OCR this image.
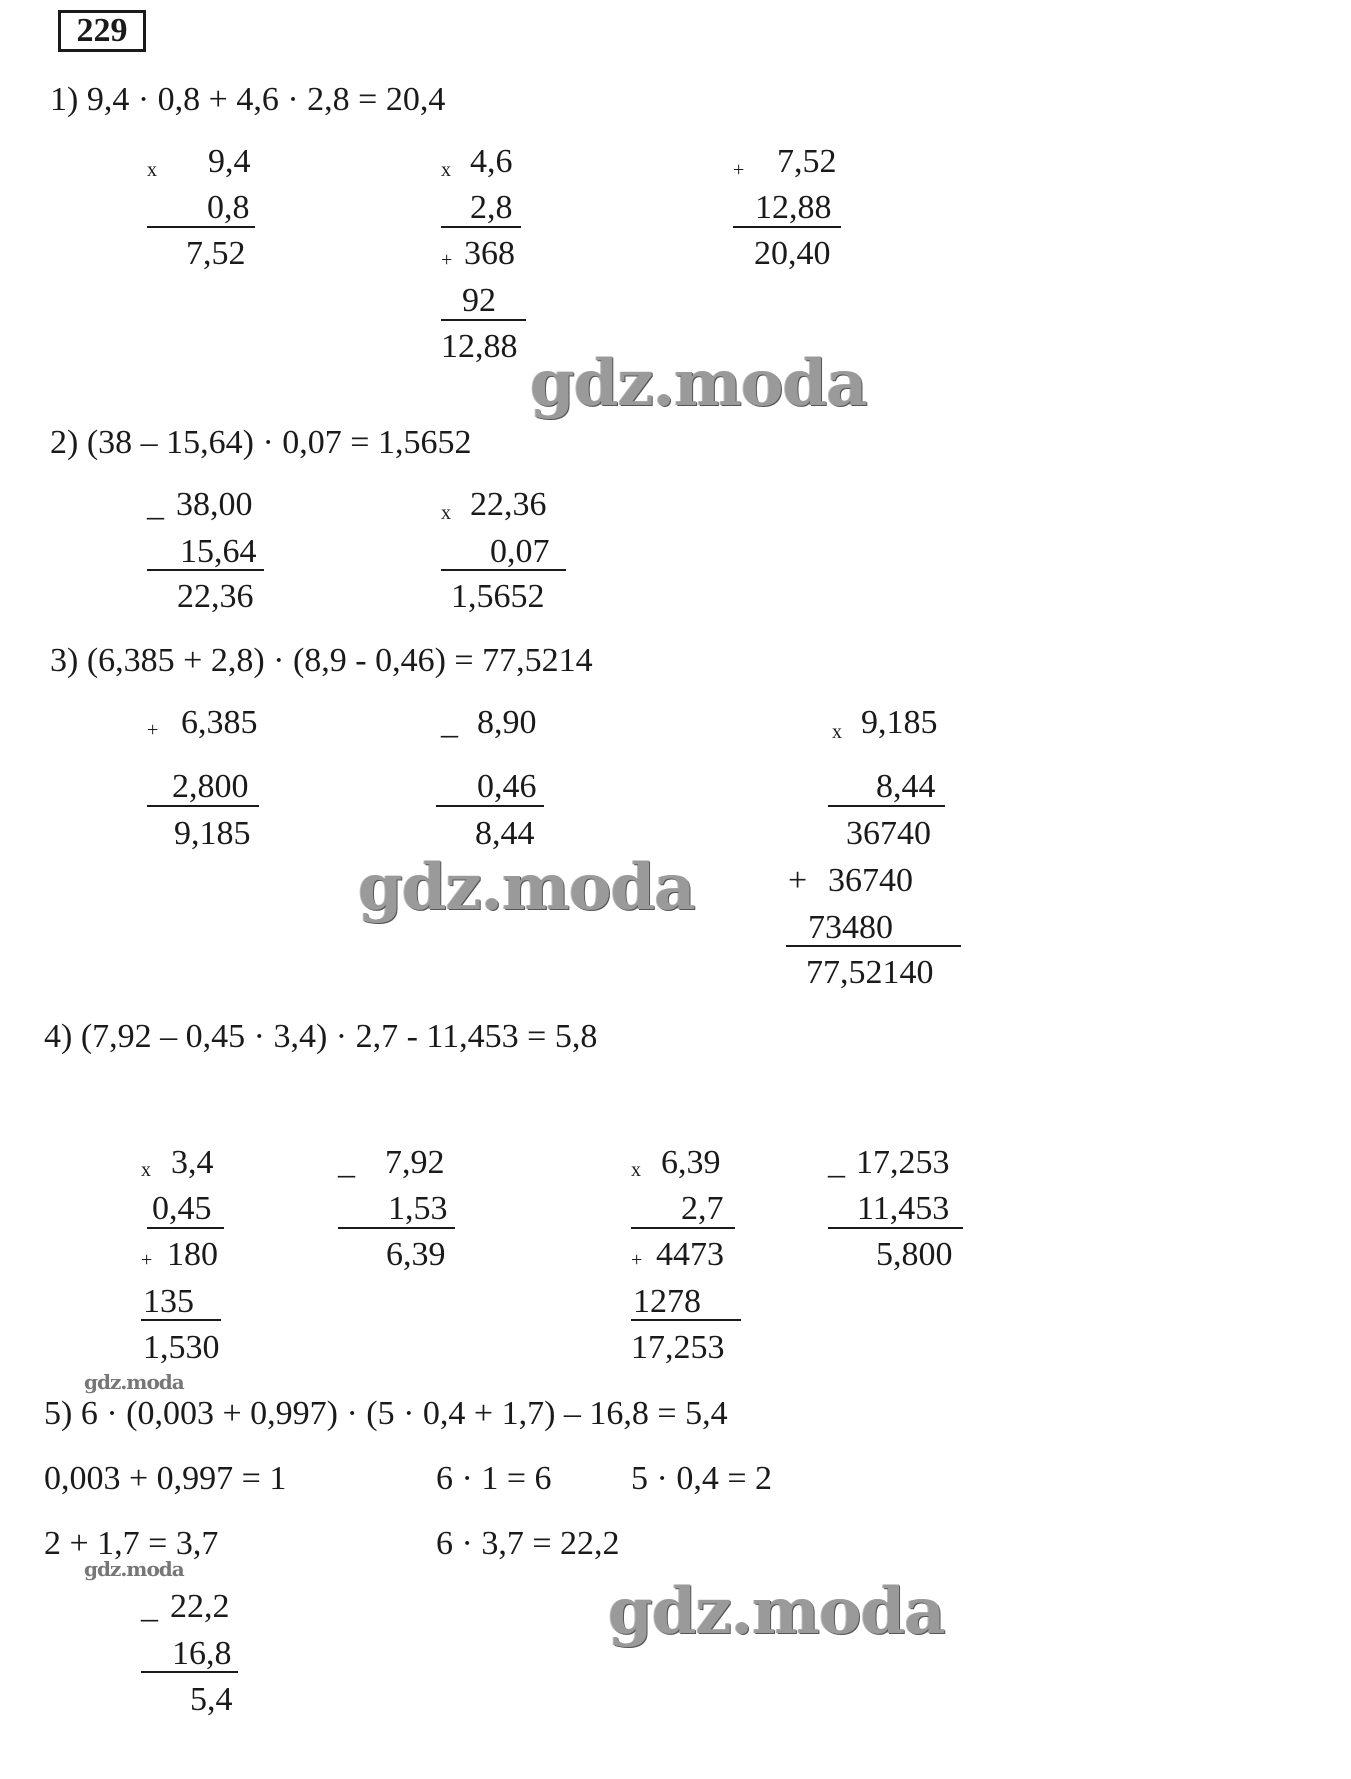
229
1) 9,4 · 0,8 + 4,6 · 2,8 = 20,4
x 9,4
0,8
7,52
x 4,6
2,8
+ 368
92
12,88
+ 7,52
12,88
20,40
gdz.moda
2) (38 – 15,64) · 0,07 = 1,5652
_ 38,00
15,64
22,36
x 22,36
0,07
1,5652
3) (6,385 + 2,8) · (8,9 - 0,46) = 77,5214
+ 6,385
2,800
9,185
_ 8,90
0,46
8,44
x 9,185
8,44
36740
+ 36740
73480
77,52140
gdz.moda
4) (7,92 – 0,45 · 3,4) · 2,7 - 11,453 = 5,8
x 3,4
0,45
+ 180
135
1,530
_ 7,92
1,53
6,39
x 6,39
2,7
+ 4473
1278
17,253
_ 17,253
11,453
5,800
gdz.moda
5) 6 · (0,003 + 0,997) · (5 · 0,4 + 1,7) – 16,8 = 5,4
0,003 + 0,997 = 1	6 · 1 = 6 5 · 0,4 = 2
2 + 1,7 = 3,7	6 · 3,7 = 22,2
gdz.moda
_ 22,2
16,8
5,4
gdz.moda
